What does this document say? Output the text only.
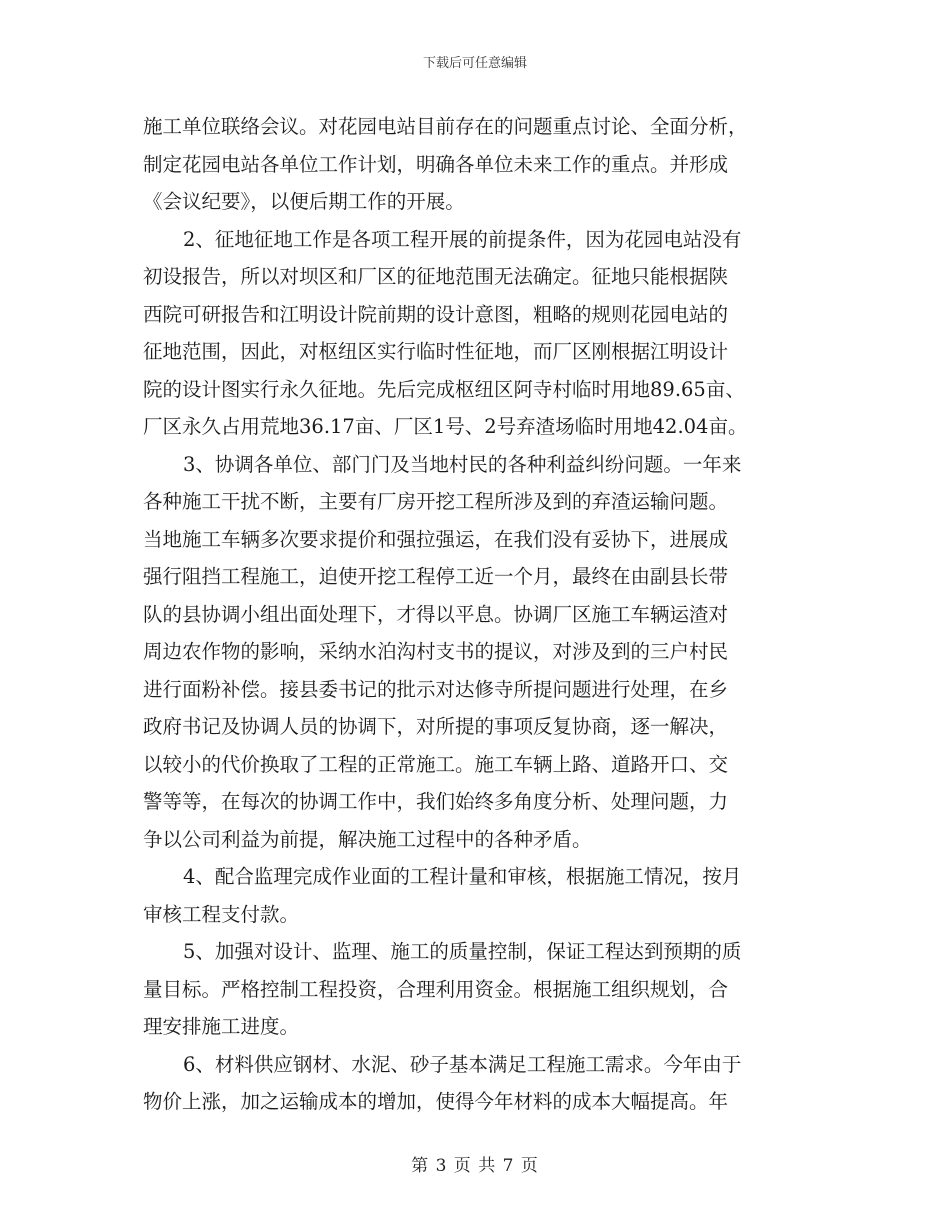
下载后可任意编辑
施工单位联络会议。对花园电站目前存在的问题重点讨论、全面分析，
制定花园电站各单位工作计划，明确各单位未来工作的重点。并形成
《会议纪要》，以便后期工作的开展。
2、征地征地工作是各项工程开展的前提条件，因为花园电站没有
初设报告，所以对坝区和厂区的征地范围无法确定。征地只能根据陕
西院可研报告和江明设计院前期的设计意图，粗略的规则花园电站的
征地范围，因此，对枢纽区实行临时性征地，而厂区刚根据江明设计
院的设计图实行永久征地。先后完成枢纽区阿寺村临时用地89.65亩、
厂区永久占用荒地36.17亩、厂区1号、2号弃渣场临时用地42.04亩。
3、协调各单位、部门门及当地村民的各种利益纠纷问题。一年来
各种施工干扰不断，主要有厂房开挖工程所涉及到的弃渣运输问题。
当地施工车辆多次要求提价和强拉强运，在我们没有妥协下，进展成
强行阻挡工程施工，迫使开挖工程停工近一个月，最终在由副县长带
队的县协调小组出面处理下，才得以平息。协调厂区施工车辆运渣对
周边农作物的影响，采纳水泊沟村支书的提议，对涉及到的三户村民
进行面粉补偿。接县委书记的批示对达修寺所提问题进行处理，在乡
政府书记及协调人员的协调下，对所提的事项反复协商，逐一解决，
以较小的代价换取了工程的正常施工。施工车辆上路、道路开口、交
警等等，在每次的协调工作中，我们始终多角度分析、处理问题，力
争以公司利益为前提，解决施工过程中的各种矛盾。
4、配合监理完成作业面的工程计量和审核，根据施工情况，按月
审核工程支付款。
5、加强对设计、监理、施工的质量控制，保证工程达到预期的质
量目标。严格控制工程投资，合理利用资金。根据施工组织规划，合
理安排施工进度。
6、材料供应钢材、水泥、砂子基本满足工程施工需求。今年由于
物价上涨，加之运输成本的增加，使得今年材料的成本大幅提高。年
第 3 页 共 7 页
